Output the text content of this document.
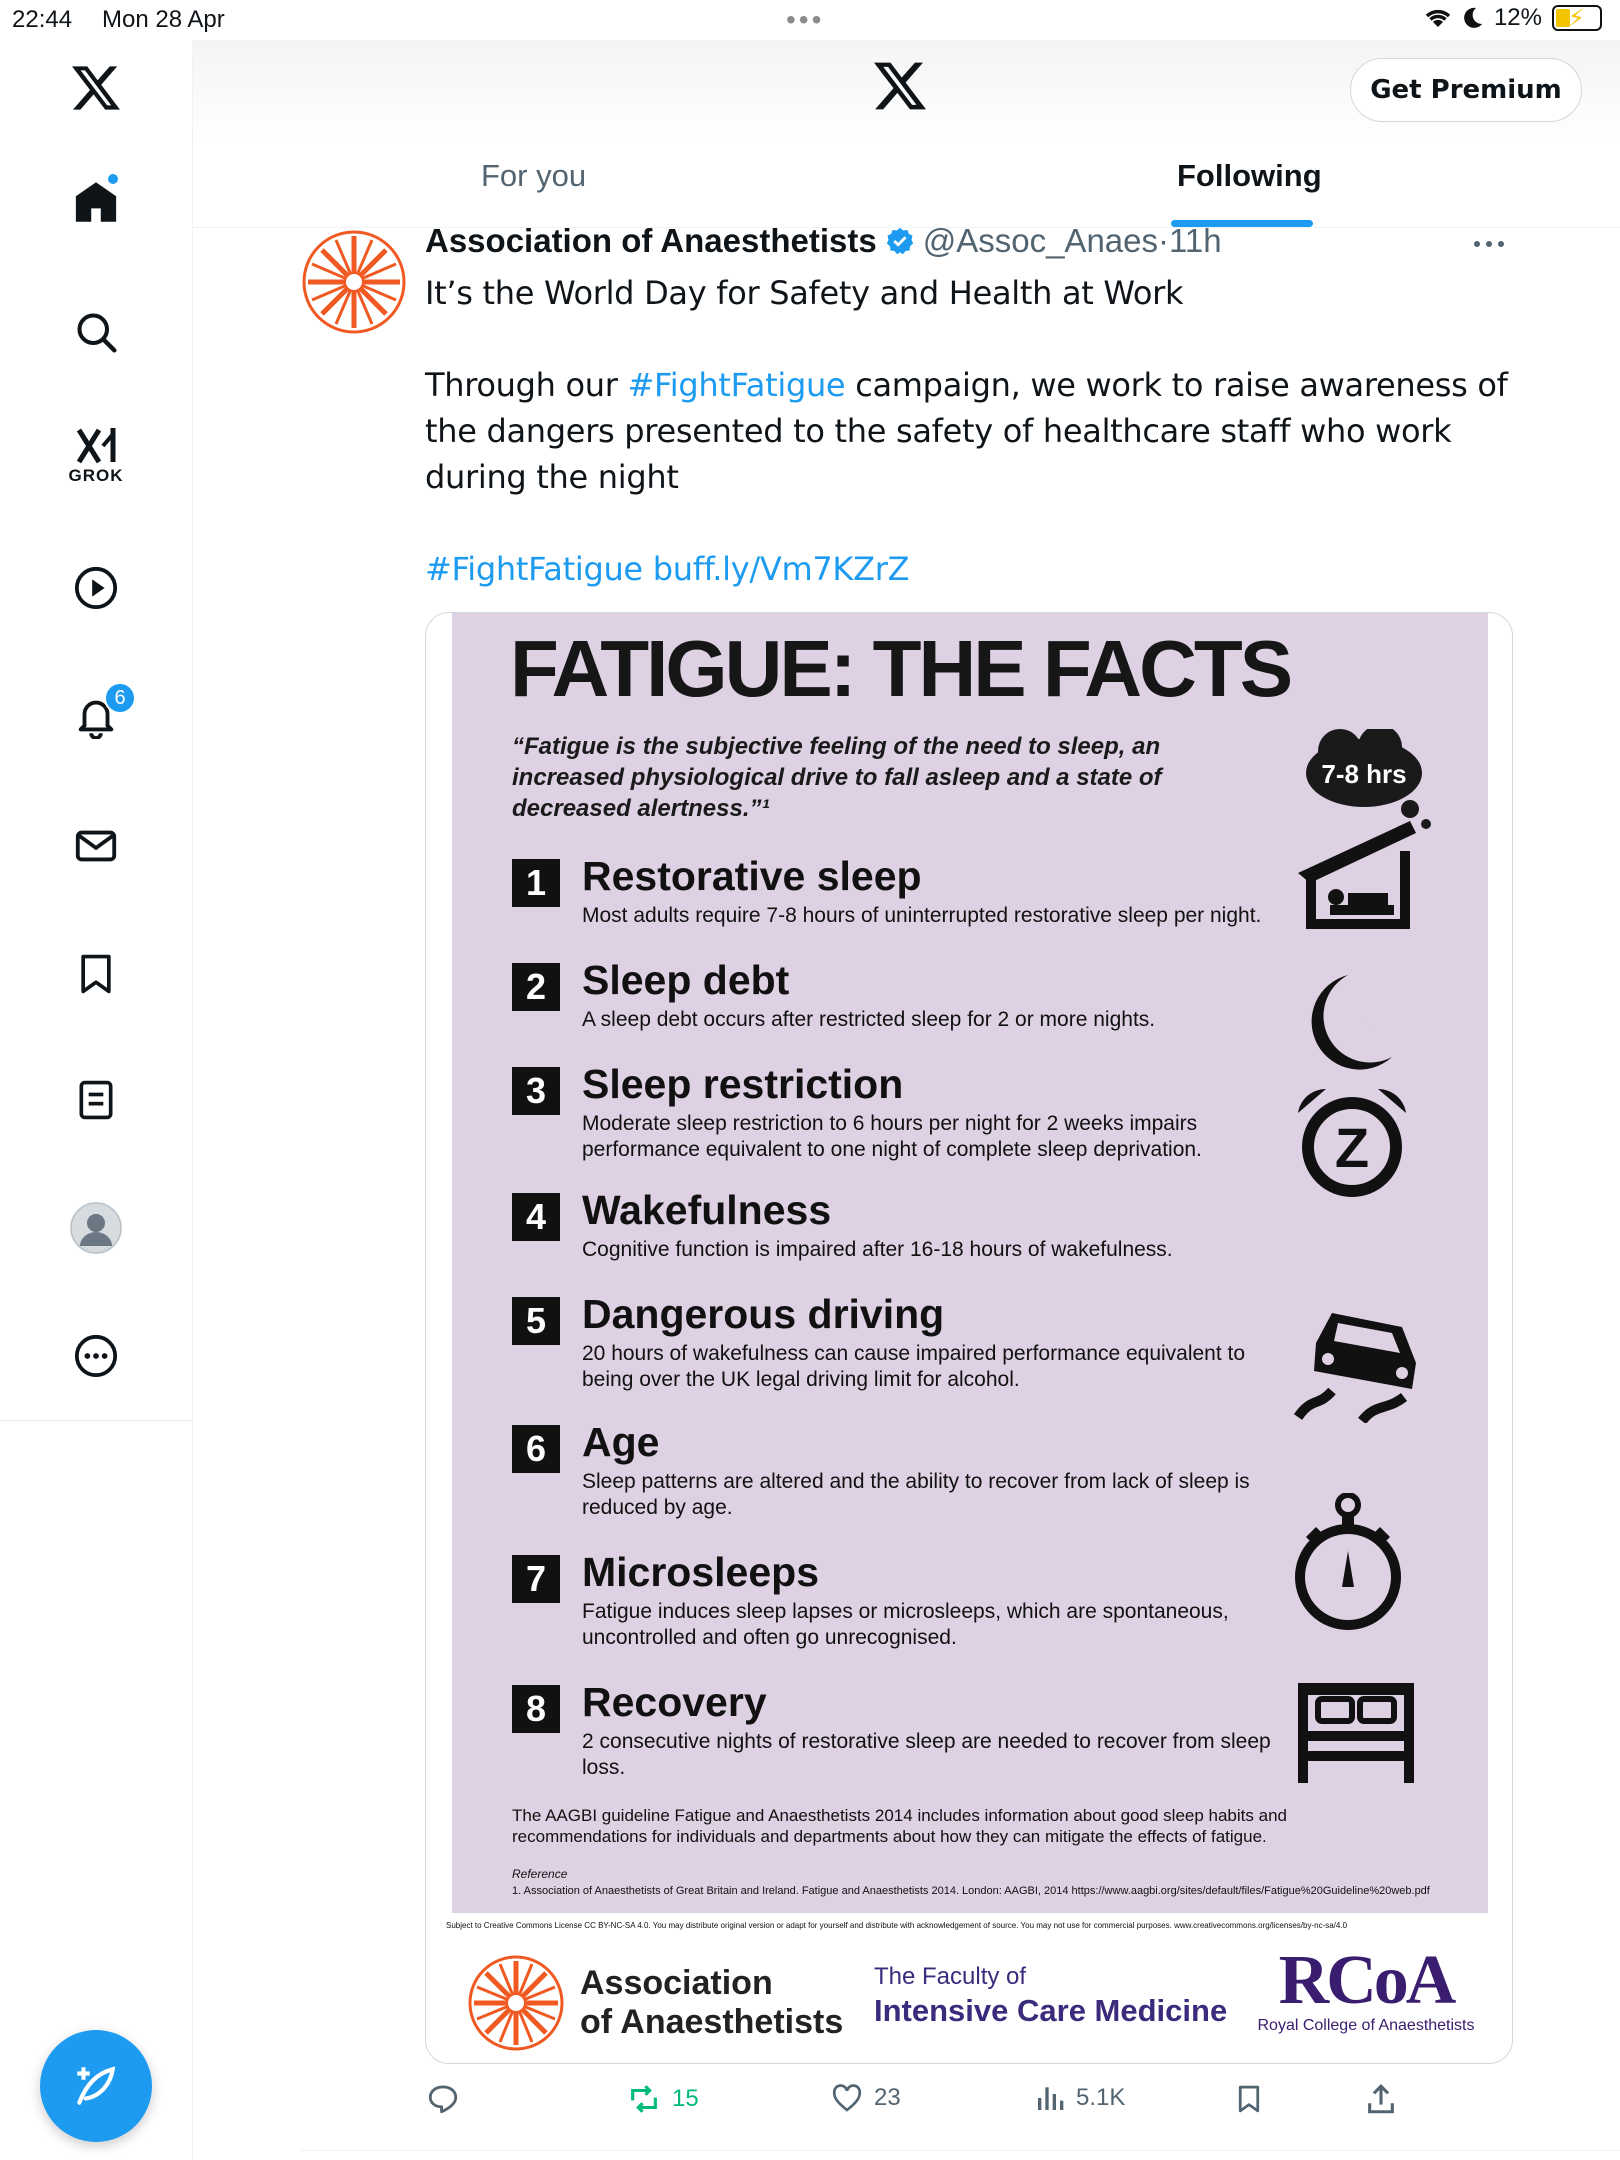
22:44 Mon 28 Apr	•••	12% ⚡
GROK
6
Get Premium
For you	Following
Association of Anaesthetists @Assoc_Anaes · 11h

It’s the World Day for Safety and Health at Work

Through our #FightFatigue campaign, we work to raise awareness of the dangers presented to the safety of healthcare staff who work during the night

#FightFatigue buff.ly/Vm7KZrZ

FATIGUE: THE FACTS
“Fatigue is the subjective feeling of the need to sleep, an increased physiological drive to fall asleep and a state of decreased alertness.”¹
7-8 hrs
1 Restorative sleep
Most adults require 7-8 hours of uninterrupted restorative sleep per night.
2 Sleep debt
A sleep debt occurs after restricted sleep for 2 or more nights.
3 Sleep restriction
Moderate sleep restriction to 6 hours per night for 2 weeks impairs performance equivalent to one night of complete sleep deprivation.
4 Wakefulness
Cognitive function is impaired after 16-18 hours of wakefulness.
5 Dangerous driving
20 hours of wakefulness can cause impaired performance equivalent to being over the UK legal driving limit for alcohol.
6 Age
Sleep patterns are altered and the ability to recover from lack of sleep is reduced by age.
7 Microsleeps
Fatigue induces sleep lapses or microsleeps, which are spontaneous, uncontrolled and often go unrecognised.
8 Recovery
2 consecutive nights of restorative sleep are needed to recover from sleep loss.
Z
The AAGBI guideline Fatigue and Anaesthetists 2014 includes information about good sleep habits and recommendations for individuals and departments about how they can mitigate the effects of fatigue.
Reference
1. Association of Anaesthetists of Great Britain and Ireland. Fatigue and Anaesthetists 2014. London: AAGBI, 2014 https://www.aagbi.org/sites/default/files/Fatigue%20Guideline%20web.pdf
Subject to Creative Commons License CC BY-NC-SA 4.0. You may distribute original version or adapt for yourself and distribute with acknowledgement of source. You may not use for commercial purposes. www.creativecommons.org/licenses/by-nc-sa/4.0
Association
of Anaesthetists
The Faculty of
Intensive Care Medicine RCoA
Royal College of Anaesthetists
15	23	5.1K
